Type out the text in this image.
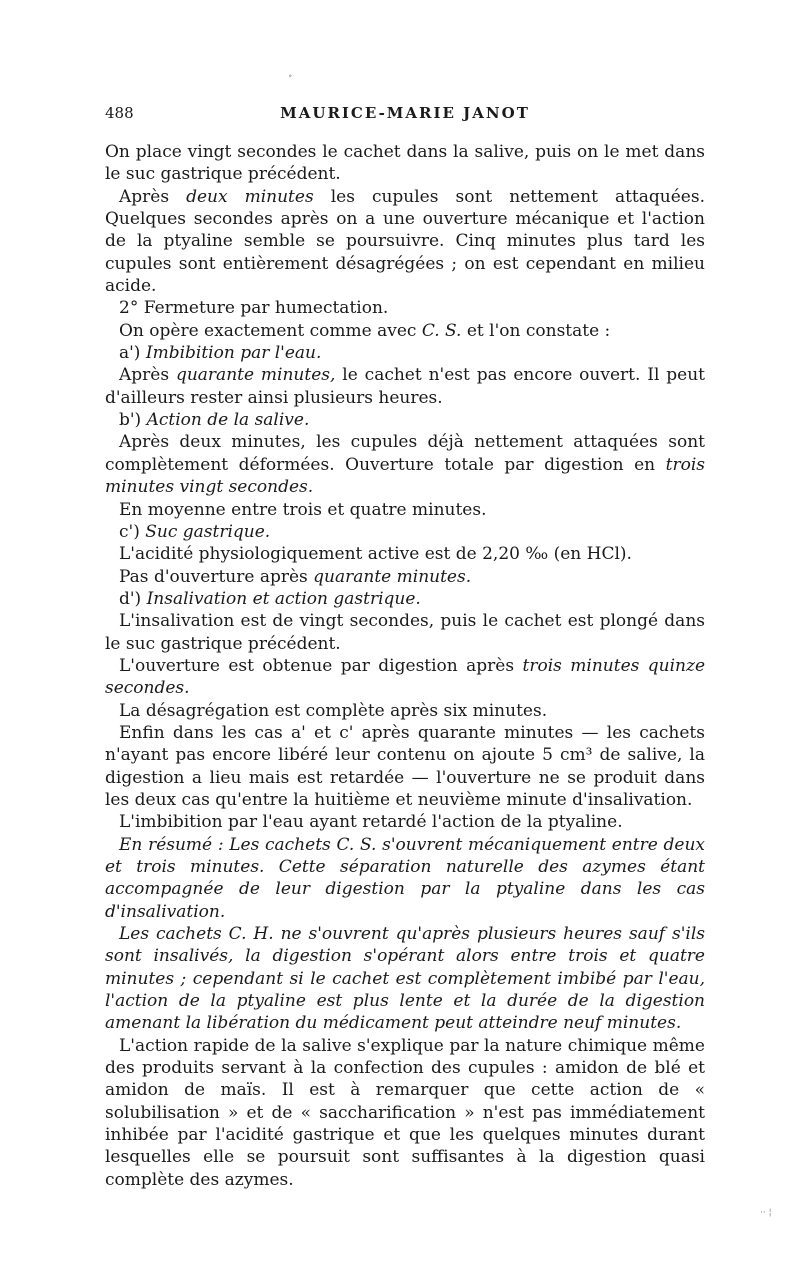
˚
488	MAURICE-MARIE JANOT

On place vingt secondes le cachet dans la salive, puis on le met dans le suc gastrique précédent.

Après deux minutes les cupules sont nettement attaquées. Quelques secondes après on a une ouverture mécanique et l'action de la ptyaline semble se poursuivre. Cinq minutes plus tard les cupules sont entièrement désagrégées ; on est cependant en milieu acide.

2° Fermeture par humectation.

On opère exactement comme avec C. S. et l'on constate :

a') Imbibition par l'eau.

Après quarante minutes, le cachet n'est pas encore ouvert. Il peut d'ailleurs rester ainsi plusieurs heures.

b') Action de la salive.

Après deux minutes, les cupules déjà nettement attaquées sont complètement déformées. Ouverture totale par digestion en trois minutes vingt secondes.

En moyenne entre trois et quatre minutes.

c') Suc gastrique.

L'acidité physiologiquement active est de 2,20 ‰ (en HCl).

Pas d'ouverture après quarante minutes.

d') Insalivation et action gastrique.

L'insalivation est de vingt secondes, puis le cachet est plongé dans le suc gastrique précédent.

L'ouverture est obtenue par digestion après trois minutes quinze secondes.

La désagrégation est complète après six minutes.

Enfin dans les cas a' et c' après quarante minutes — les cachets n'ayant pas encore libéré leur contenu on ajoute 5 cm³ de salive, la digestion a lieu mais est retardée — l'ouverture ne se produit dans les deux cas qu'entre la huitième et neuvième minute d'insalivation.

L'imbibition par l'eau ayant retardé l'action de la ptyaline.

En résumé : Les cachets C. S. s'ouvrent mécaniquement entre deux et trois minutes. Cette séparation naturelle des azymes étant accompagnée de leur digestion par la ptyaline dans les cas d'insalivation.

Les cachets C. H. ne s'ouvrent qu'après plusieurs heures sauf s'ils sont insalivés, la digestion s'opérant alors entre trois et quatre minutes ; cependant si le cachet est complètement imbibé par l'eau, l'action de la ptyaline est plus lente et la durée de la digestion amenant la libération du médicament peut atteindre neuf minutes.

L'action rapide de la salive s'explique par la nature chimique même des produits servant à la confection des cupules : amidon de blé et amidon de maïs. Il est à remarquer que cette action de « solubilisation » et de « saccharification » n'est pas immédiatement inhibée par l'acidité gastrique et que les quelques minutes durant lesquelles elle se poursuit sont suffisantes à la digestion quasi complète des azymes.

·· ¦
